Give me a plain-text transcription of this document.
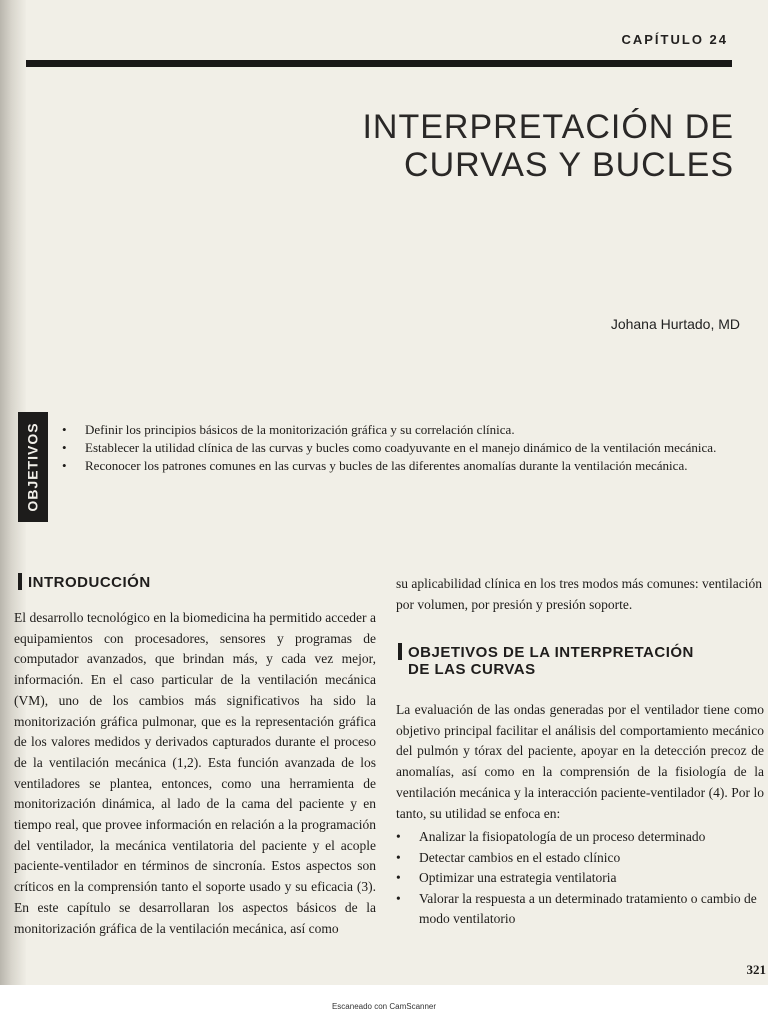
CAPÍTULO 24
INTERPRETACIÓN DE
CURVAS Y BUCLES
Johana Hurtado, MD
OBJETIVOS
•	Definir los principios básicos de la monitorización gráfica y su correlación clínica.
• Establecer la utilidad clínica de las curvas y bucles como coadyuvante en el manejo dinámico de la ventilación mecánica.
• Reconocer los patrones comunes en las curvas y bucles de las diferentes anomalías durante la ventilación mecánica.
INTRODUCCIÓN

El desarrollo tecnológico en la biomedicina ha permitido acceder a equipamientos con procesadores, sensores y programas de computador avanzados, que brindan más, y cada vez mejor, información. En el caso particular de la ventilación mecánica (VM), uno de los cambios más significativos ha sido la monitorización gráfica pulmonar, que es la representación gráfica de los valores medidos y derivados capturados durante el proceso de la ventilación mecánica (1,2). Esta función avanzada de los ventiladores se plantea, entonces, como una herramienta de monitorización dinámica, al lado de la cama del paciente y en tiempo real, que provee información en relación a la programación del ventilador, la mecánica ventilatoria del paciente y el acople paciente-ventilador en términos de sincronía. Estos aspectos son críticos en la comprensión tanto el soporte usado y su eficacia (3). En este capítulo se desarrollaran los aspectos básicos de la monitorización gráfica de la ventilación mecánica, así como

su aplicabilidad clínica en los tres modos más comunes: ventilación por volumen, por presión y presión soporte.

OBJETIVOS DE LA INTERPRETACIÓN
DE LAS CURVAS

La evaluación de las ondas generadas por el ventilador tiene como objetivo principal facilitar el análisis del comportamiento mecánico del pulmón y tórax del paciente, apoyar en la detección precoz de anomalías, así como en la comprensión de la fisiología de la ventilación mecánica y la interacción paciente-ventilador (4). Por lo tanto, su utilidad se enfoca en:

• Analizar la fisiopatología de un proceso determinado
• Detectar cambios en el estado clínico
• Optimizar una estrategia ventilatoria
• Valorar la respuesta a un determinado tratamiento o cambio de modo ventilatorio
321
Escaneado con CamScanner
